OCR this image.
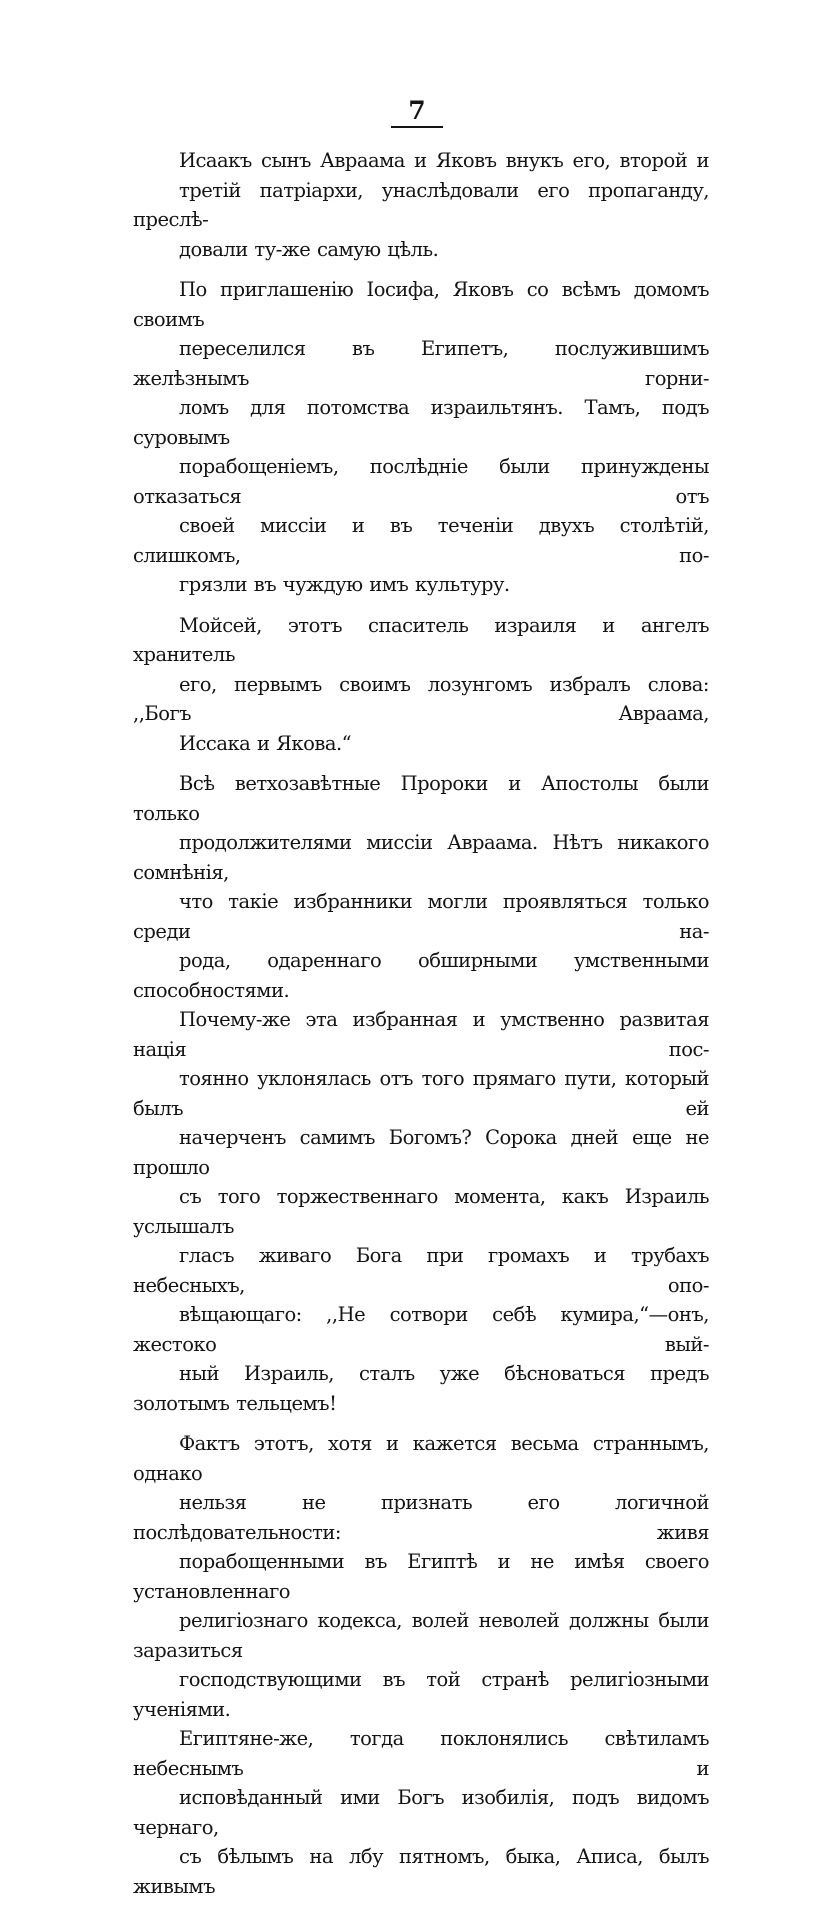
7

Исаакъ сынъ Авраама и Яковъ внукъ его, второй и
третій патріархи, унаслѣдовали его пропаганду, преслѣ-
довали ту-же самую цѣль.

По приглашенію Іосифа, Яковъ со всѣмъ домомъ своимъ
переселился въ Египетъ, послужившимъ желѣзнымъ горни-
ломъ для потомства израильтянъ. Тамъ, подъ суровымъ
порабощеніемъ, послѣдніе были принуждены отказаться отъ
своей миссіи и въ теченіи двухъ столѣтій, слишкомъ, по-
грязли въ чуждую имъ культуру.

Мойсей, этотъ спаситель израиля и ангелъ хранитель
его, первымъ своимъ лозунгомъ избралъ слова: ,,Богъ Авраама,
Иссака и Якова.“

Всѣ ветхозавѣтные Пророки и Апостолы были только
продолжителями миссіи Авраама. Нѣтъ никакого сомнѣнія,
что такіе избранники могли проявляться только среди на-
рода, одареннаго обширными умственными способностями.
Почему-же эта избранная и умственно развитая нація пос-
тоянно уклонялась отъ того прямаго пути, который былъ ей
начерченъ самимъ Богомъ? Сорока дней еще не прошло
съ того торжественнаго момента, какъ Израиль услышалъ
гласъ живаго Бога при громахъ и трубахъ небесныхъ, опо-
вѣщающаго: ,,Не сотвори себѣ кумира,“—онъ, жестоко вый-
ный Израиль, сталъ уже бѣсноваться предъ золотымъ тельцемъ!

Фактъ этотъ, хотя и кажется весьма страннымъ, однако
нельзя не признать его логичной послѣдовательности: живя
порабощенными въ Египтѣ и не имѣя своего установленнаго
религіознаго кодекса, волей неволей должны были заразиться
господствующими въ той странѣ религіозными ученіями.
Египтяне-же, тогда поклонялись свѣтиламъ небеснымъ и
исповѣданный ими Богъ изобилія, подъ видомъ чернаго,
съ бѣлымъ на лбу пятномъ, быка, Аписа, былъ живымъ
